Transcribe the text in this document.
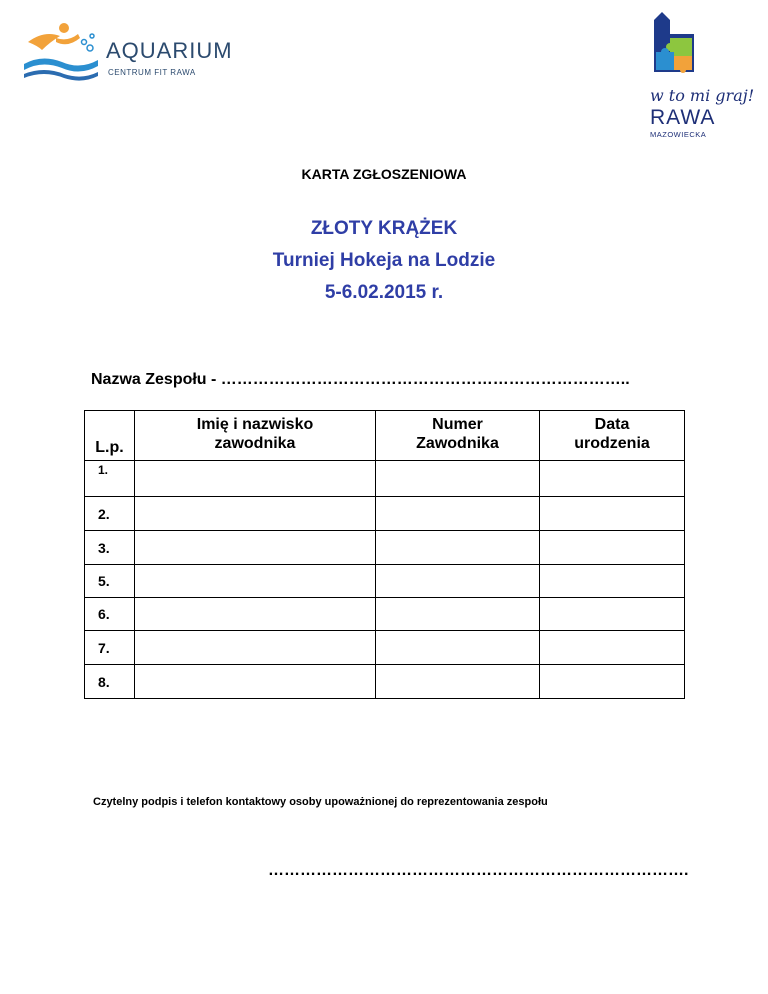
AQUARIUM
CENTRUM FIT RAWA
w to mi graj!
RAWA
MAZOWIECKA
KARTA ZGŁOSZENIOWA
ZŁOTY KRĄŻEK
Turniej Hokeja na Lodzie
5-6.02.2015 r.
Nazwa Zespołu - …………………………………………………………………..
L.p.	Imię i nazwisko zawodnika	Numer Zawodnika	Data urodzenia
1.			
2.			
3.			
5.			
6.			
7.			
8.			
Czytelny podpis i telefon kontaktowy osoby upoważnionej do reprezentowania zespołu
…………………………………………………………………….
